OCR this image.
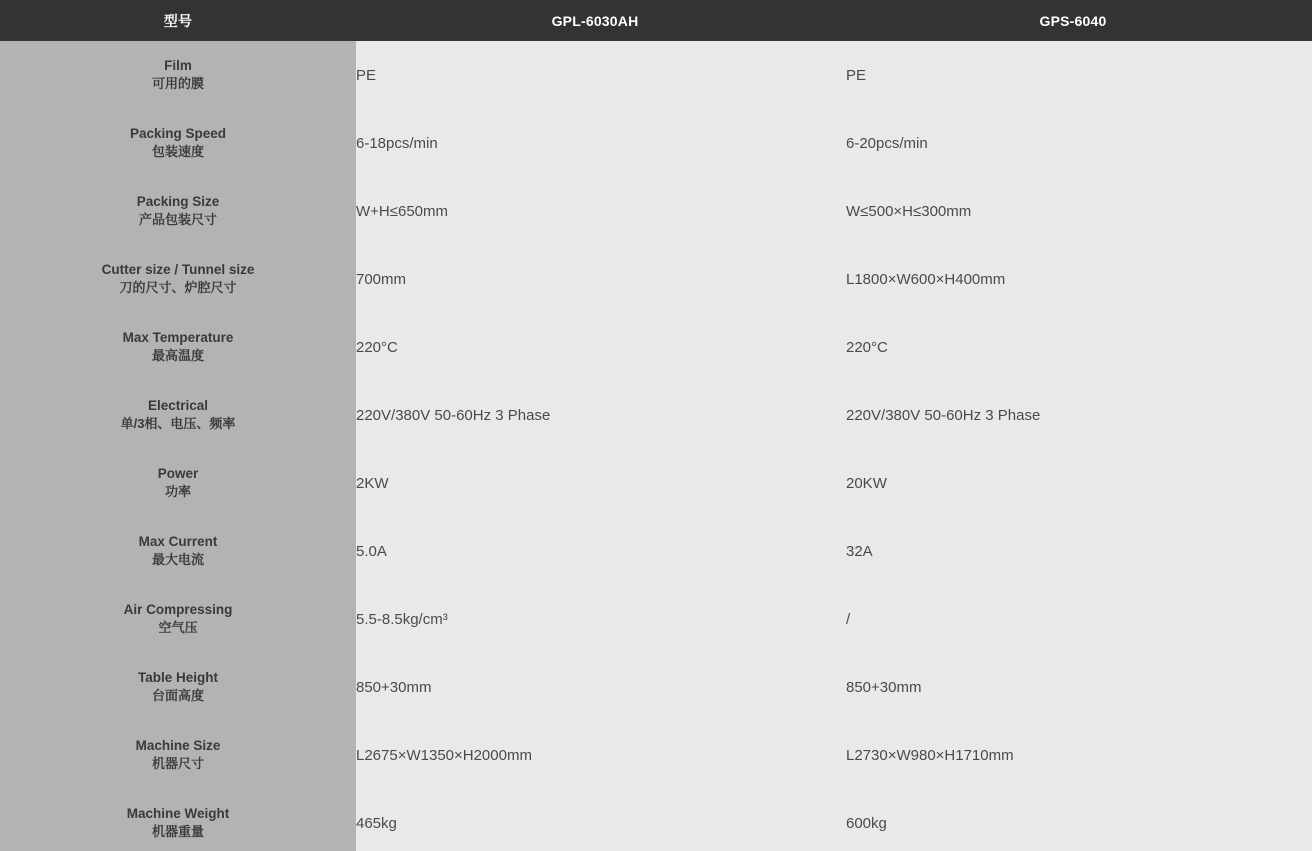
型号	GPL-6030AH	GPS-6040

Film
可用的膜	PE	PE

Packing Speed
包装速度	6-18pcs/min	6-20pcs/min

Packing Size
产品包装尺寸	W+H≤650mm	W≤500×H≤300mm

Cutter size / Tunnel size
刀的尺寸、炉腔尺寸	700mm	L1800×W600×H400mm

Max Temperature
最高温度	220°C	220°C

Electrical
单/3相、电压、频率	220V/380V 50-60Hz 3 Phase	220V/380V 50-60Hz 3 Phase

Power
功率	2KW	20KW

Max Current
最大电流	5.0A	32A

Air Compressing
空气压	5.5-8.5kg/cm³	/

Table Height
台面高度	850+30mm	850+30mm

Machine Size
机器尺寸	L2675×W1350×H2000mm	L2730×W980×H1710mm

Machine Weight
机器重量	465kg	600kg
